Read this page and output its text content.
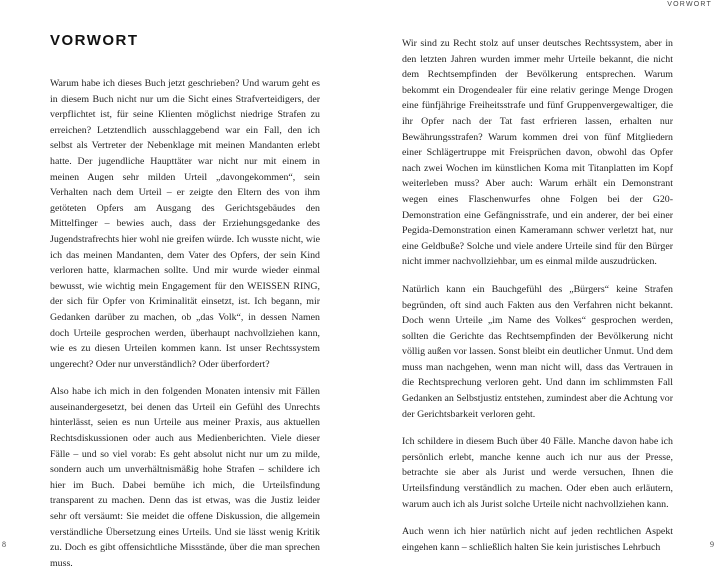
VORWORT

VORWORT

Warum habe ich dieses Buch jetzt geschrieben? Und warum geht es in diesem Buch nicht nur um die Sicht eines Strafverteidigers, der verpflichtet ist, für seine Klienten möglichst niedrige Strafen zu erreichen? Letztendlich ausschlaggebend war ein Fall, den ich selbst als Vertreter der Nebenklage mit meinen Mandanten erlebt hatte. Der jugendliche Haupttäter war nicht nur mit einem in meinen Augen sehr milden Urteil „davongekommen“, sein Verhalten nach dem Urteil – er zeigte den Eltern des von ihm getöteten Opfers am Ausgang des Gerichtsgebäudes den Mittelfinger – bewies auch, dass der Erziehungsgedanke des Jugendstrafrechts hier wohl nie greifen würde. Ich wusste nicht, wie ich das meinen Mandanten, dem Vater des Opfers, der sein Kind verloren hatte, klarmachen sollte. Und mir wurde wieder einmal bewusst, wie wichtig mein Engagement für den WEISSEN RING, der sich für Opfer von Kriminalität einsetzt, ist. Ich begann, mir Gedanken darüber zu machen, ob „das Volk“, in dessen Namen doch Urteile gesprochen werden, überhaupt nachvollziehen kann, wie es zu diesen Urteilen kommen kann. Ist unser Rechtssystem ungerecht? Oder nur unverständlich? Oder überfordert?

Also habe ich mich in den folgenden Monaten intensiv mit Fällen auseinandergesetzt, bei denen das Urteil ein Gefühl des Unrechts hinterlässt, seien es nun Urteile aus meiner Praxis, aus aktuellen Rechtsdiskussionen oder auch aus Medienberichten. Viele dieser Fälle – und so viel vorab: Es geht absolut nicht nur um zu milde, sondern auch um unverhältnismäßig hohe Strafen – schildere ich hier im Buch. Dabei bemühe ich mich, die Urteilsfindung transparent zu machen. Denn das ist etwas, was die Justiz leider sehr oft versäumt: Sie meidet die offene Diskussion, die allgemein verständliche Übersetzung eines Urteils. Und sie lässt wenig Kritik zu. Doch es gibt offensichtliche Missstände, über die man sprechen muss.

Wir sind zu Recht stolz auf unser deutsches Rechtssystem, aber in den letzten Jahren wurden immer mehr Urteile bekannt, die nicht dem Rechtsempfinden der Bevölkerung entsprechen. Warum bekommt ein Drogendealer für eine relativ geringe Menge Drogen eine fünfjährige Freiheitsstrafe und fünf Gruppenvergewaltiger, die ihr Opfer nach der Tat fast erfrieren lassen, erhalten nur Bewährungsstrafen? Warum kommen drei von fünf Mitgliedern einer Schlägertruppe mit Freisprüchen davon, obwohl das Opfer nach zwei Wochen im künstlichen Koma mit Titanplatten im Kopf weiterleben muss? Aber auch: Warum erhält ein Demonstrant wegen eines Flaschenwurfes ohne Folgen bei der G20-Demonstration eine Gefängnisstrafe, und ein anderer, der bei einer Pegida-Demonstration einen Kameramann schwer verletzt hat, nur eine Geldbuße? Solche und viele andere Urteile sind für den Bürger nicht immer nachvollziehbar, um es einmal milde auszudrücken.

Natürlich kann ein Bauchgefühl des „Bürgers“ keine Strafen begründen, oft sind auch Fakten aus den Verfahren nicht bekannt. Doch wenn Urteile „im Name des Volkes“ gesprochen werden, sollten die Gerichte das Rechtsempfinden der Bevölkerung nicht völlig außen vor lassen. Sonst bleibt ein deutlicher Unmut. Und dem muss man nachgehen, wenn man nicht will, dass das Vertrauen in die Rechtsprechung verloren geht. Und dann im schlimmsten Fall Gedanken an Selbstjustiz entstehen, zumindest aber die Achtung vor der Gerichtsbarkeit verloren geht.

Ich schildere in diesem Buch über 40 Fälle. Manche davon habe ich persönlich erlebt, manche kenne auch ich nur aus der Presse, betrachte sie aber als Jurist und werde versuchen, Ihnen die Urteilsfindung verständlich zu machen. Oder eben auch erläutern, warum auch ich als Jurist solche Urteile nicht nachvollziehen kann.

Auch wenn ich hier natürlich nicht auf jeden rechtlichen Aspekt eingehen kann – schließlich halten Sie kein juristisches Lehrbuch

8	9
